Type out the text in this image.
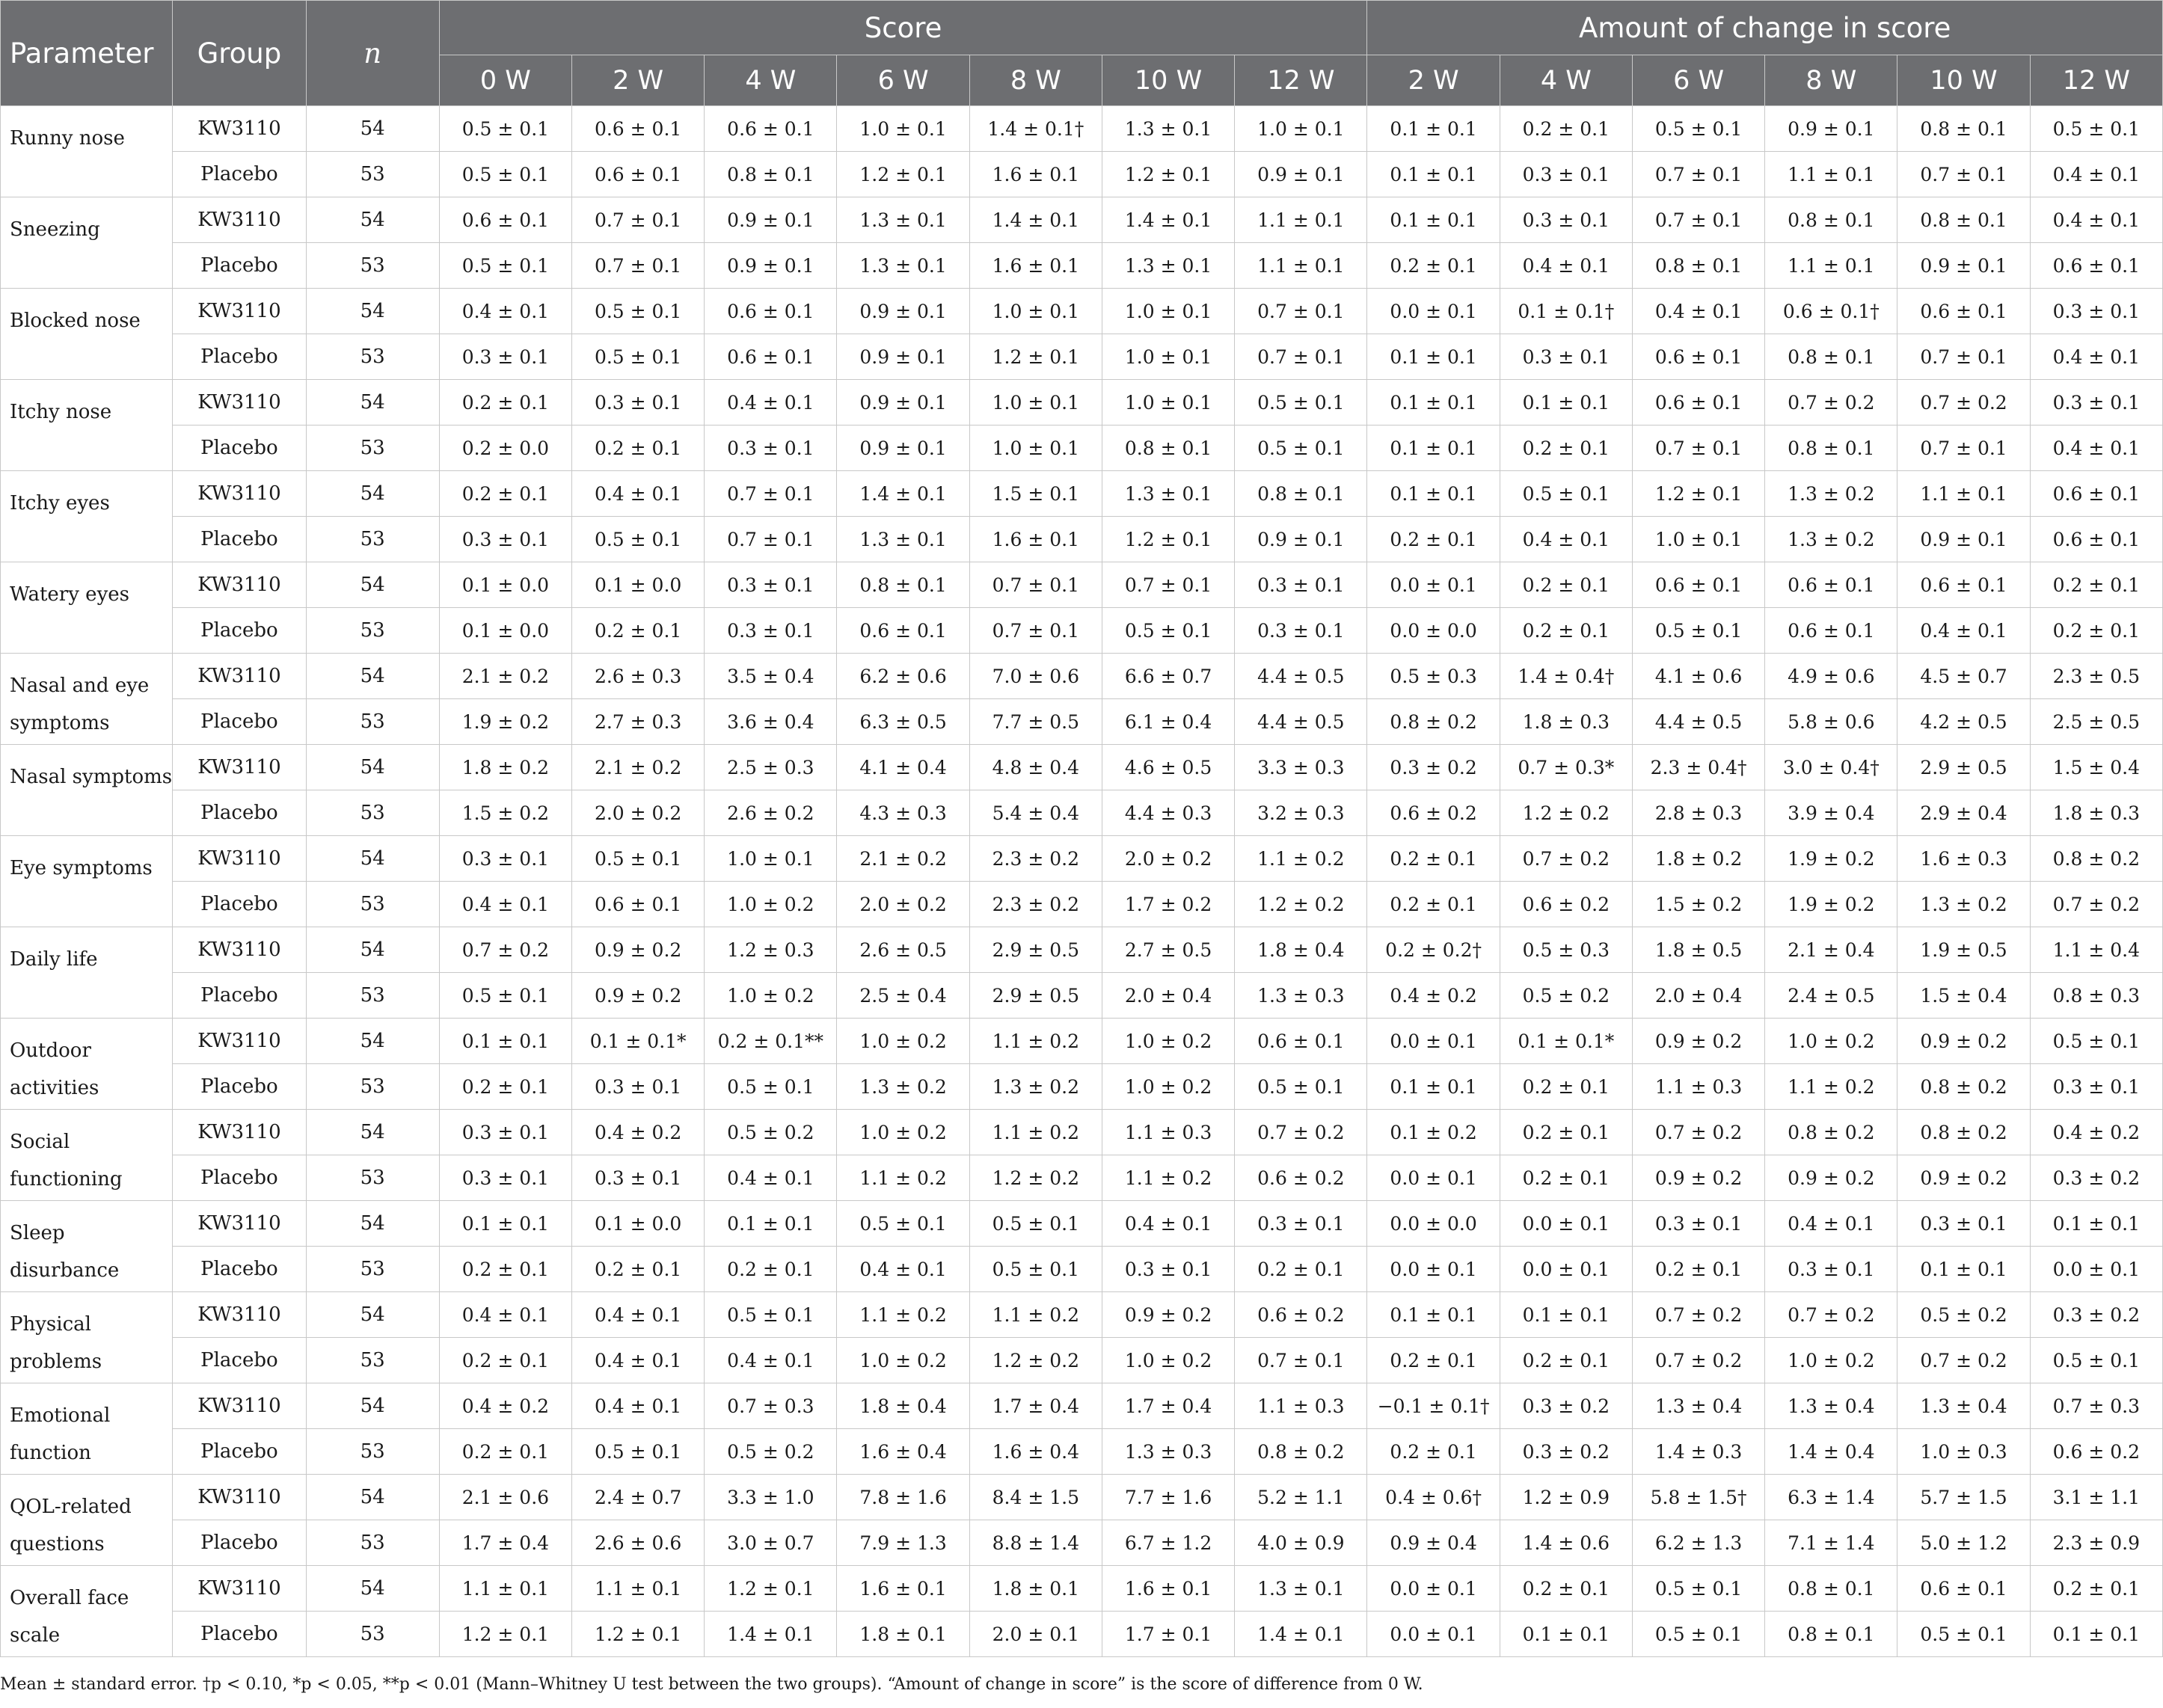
Parameter	Group	n	Score							Amount of change in score					
			0 W	2 W	4 W	6 W	8 W	10 W	12 W	2 W	4 W	6 W	8 W	10 W	12 W
Runny nose	KW3110	54	0.5 ± 0.1	0.6 ± 0.1	0.6 ± 0.1	1.0 ± 0.1	1.4 ± 0.1†	1.3 ± 0.1	1.0 ± 0.1	0.1 ± 0.1	0.2 ± 0.1	0.5 ± 0.1	0.9 ± 0.1	0.8 ± 0.1	0.5 ± 0.1
	Placebo	53	0.5 ± 0.1	0.6 ± 0.1	0.8 ± 0.1	1.2 ± 0.1	1.6 ± 0.1	1.2 ± 0.1	0.9 ± 0.1	0.1 ± 0.1	0.3 ± 0.1	0.7 ± 0.1	1.1 ± 0.1	0.7 ± 0.1	0.4 ± 0.1
Sneezing	KW3110	54	0.6 ± 0.1	0.7 ± 0.1	0.9 ± 0.1	1.3 ± 0.1	1.4 ± 0.1	1.4 ± 0.1	1.1 ± 0.1	0.1 ± 0.1	0.3 ± 0.1	0.7 ± 0.1	0.8 ± 0.1	0.8 ± 0.1	0.4 ± 0.1
	Placebo	53	0.5 ± 0.1	0.7 ± 0.1	0.9 ± 0.1	1.3 ± 0.1	1.6 ± 0.1	1.3 ± 0.1	1.1 ± 0.1	0.2 ± 0.1	0.4 ± 0.1	0.8 ± 0.1	1.1 ± 0.1	0.9 ± 0.1	0.6 ± 0.1
Blocked nose	KW3110	54	0.4 ± 0.1	0.5 ± 0.1	0.6 ± 0.1	0.9 ± 0.1	1.0 ± 0.1	1.0 ± 0.1	0.7 ± 0.1	0.0 ± 0.1	0.1 ± 0.1†	0.4 ± 0.1	0.6 ± 0.1†	0.6 ± 0.1	0.3 ± 0.1
	Placebo	53	0.3 ± 0.1	0.5 ± 0.1	0.6 ± 0.1	0.9 ± 0.1	1.2 ± 0.1	1.0 ± 0.1	0.7 ± 0.1	0.1 ± 0.1	0.3 ± 0.1	0.6 ± 0.1	0.8 ± 0.1	0.7 ± 0.1	0.4 ± 0.1
Itchy nose	KW3110	54	0.2 ± 0.1	0.3 ± 0.1	0.4 ± 0.1	0.9 ± 0.1	1.0 ± 0.1	1.0 ± 0.1	0.5 ± 0.1	0.1 ± 0.1	0.1 ± 0.1	0.6 ± 0.1	0.7 ± 0.2	0.7 ± 0.2	0.3 ± 0.1
	Placebo	53	0.2 ± 0.0	0.2 ± 0.1	0.3 ± 0.1	0.9 ± 0.1	1.0 ± 0.1	0.8 ± 0.1	0.5 ± 0.1	0.1 ± 0.1	0.2 ± 0.1	0.7 ± 0.1	0.8 ± 0.1	0.7 ± 0.1	0.4 ± 0.1
Itchy eyes	KW3110	54	0.2 ± 0.1	0.4 ± 0.1	0.7 ± 0.1	1.4 ± 0.1	1.5 ± 0.1	1.3 ± 0.1	0.8 ± 0.1	0.1 ± 0.1	0.5 ± 0.1	1.2 ± 0.1	1.3 ± 0.2	1.1 ± 0.1	0.6 ± 0.1
	Placebo	53	0.3 ± 0.1	0.5 ± 0.1	0.7 ± 0.1	1.3 ± 0.1	1.6 ± 0.1	1.2 ± 0.1	0.9 ± 0.1	0.2 ± 0.1	0.4 ± 0.1	1.0 ± 0.1	1.3 ± 0.2	0.9 ± 0.1	0.6 ± 0.1
Watery eyes	KW3110	54	0.1 ± 0.0	0.1 ± 0.0	0.3 ± 0.1	0.8 ± 0.1	0.7 ± 0.1	0.7 ± 0.1	0.3 ± 0.1	0.0 ± 0.1	0.2 ± 0.1	0.6 ± 0.1	0.6 ± 0.1	0.6 ± 0.1	0.2 ± 0.1
	Placebo	53	0.1 ± 0.0	0.2 ± 0.1	0.3 ± 0.1	0.6 ± 0.1	0.7 ± 0.1	0.5 ± 0.1	0.3 ± 0.1	0.0 ± 0.0	0.2 ± 0.1	0.5 ± 0.1	0.6 ± 0.1	0.4 ± 0.1	0.2 ± 0.1
Nasal and eye symptoms	KW3110	54	2.1 ± 0.2	2.6 ± 0.3	3.5 ± 0.4	6.2 ± 0.6	7.0 ± 0.6	6.6 ± 0.7	4.4 ± 0.5	0.5 ± 0.3	1.4 ± 0.4†	4.1 ± 0.6	4.9 ± 0.6	4.5 ± 0.7	2.3 ± 0.5
	Placebo	53	1.9 ± 0.2	2.7 ± 0.3	3.6 ± 0.4	6.3 ± 0.5	7.7 ± 0.5	6.1 ± 0.4	4.4 ± 0.5	0.8 ± 0.2	1.8 ± 0.3	4.4 ± 0.5	5.8 ± 0.6	4.2 ± 0.5	2.5 ± 0.5
Nasal symptoms	KW3110	54	1.8 ± 0.2	2.1 ± 0.2	2.5 ± 0.3	4.1 ± 0.4	4.8 ± 0.4	4.6 ± 0.5	3.3 ± 0.3	0.3 ± 0.2	0.7 ± 0.3*	2.3 ± 0.4†	3.0 ± 0.4†	2.9 ± 0.5	1.5 ± 0.4
	Placebo	53	1.5 ± 0.2	2.0 ± 0.2	2.6 ± 0.2	4.3 ± 0.3	5.4 ± 0.4	4.4 ± 0.3	3.2 ± 0.3	0.6 ± 0.2	1.2 ± 0.2	2.8 ± 0.3	3.9 ± 0.4	2.9 ± 0.4	1.8 ± 0.3
Eye symptoms	KW3110	54	0.3 ± 0.1	0.5 ± 0.1	1.0 ± 0.1	2.1 ± 0.2	2.3 ± 0.2	2.0 ± 0.2	1.1 ± 0.2	0.2 ± 0.1	0.7 ± 0.2	1.8 ± 0.2	1.9 ± 0.2	1.6 ± 0.3	0.8 ± 0.2
	Placebo	53	0.4 ± 0.1	0.6 ± 0.1	1.0 ± 0.2	2.0 ± 0.2	2.3 ± 0.2	1.7 ± 0.2	1.2 ± 0.2	0.2 ± 0.1	0.6 ± 0.2	1.5 ± 0.2	1.9 ± 0.2	1.3 ± 0.2	0.7 ± 0.2
Daily life	KW3110	54	0.7 ± 0.2	0.9 ± 0.2	1.2 ± 0.3	2.6 ± 0.5	2.9 ± 0.5	2.7 ± 0.5	1.8 ± 0.4	0.2 ± 0.2†	0.5 ± 0.3	1.8 ± 0.5	2.1 ± 0.4	1.9 ± 0.5	1.1 ± 0.4
	Placebo	53	0.5 ± 0.1	0.9 ± 0.2	1.0 ± 0.2	2.5 ± 0.4	2.9 ± 0.5	2.0 ± 0.4	1.3 ± 0.3	0.4 ± 0.2	0.5 ± 0.2	2.0 ± 0.4	2.4 ± 0.5	1.5 ± 0.4	0.8 ± 0.3
Outdoor activities	KW3110	54	0.1 ± 0.1	0.1 ± 0.1*	0.2 ± 0.1**	1.0 ± 0.2	1.1 ± 0.2	1.0 ± 0.2	0.6 ± 0.1	0.0 ± 0.1	0.1 ± 0.1*	0.9 ± 0.2	1.0 ± 0.2	0.9 ± 0.2	0.5 ± 0.1
	Placebo	53	0.2 ± 0.1	0.3 ± 0.1	0.5 ± 0.1	1.3 ± 0.2	1.3 ± 0.2	1.0 ± 0.2	0.5 ± 0.1	0.1 ± 0.1	0.2 ± 0.1	1.1 ± 0.3	1.1 ± 0.2	0.8 ± 0.2	0.3 ± 0.1
Social functioning	KW3110	54	0.3 ± 0.1	0.4 ± 0.2	0.5 ± 0.2	1.0 ± 0.2	1.1 ± 0.2	1.1 ± 0.3	0.7 ± 0.2	0.1 ± 0.2	0.2 ± 0.1	0.7 ± 0.2	0.8 ± 0.2	0.8 ± 0.2	0.4 ± 0.2
	Placebo	53	0.3 ± 0.1	0.3 ± 0.1	0.4 ± 0.1	1.1 ± 0.2	1.2 ± 0.2	1.1 ± 0.2	0.6 ± 0.2	0.0 ± 0.1	0.2 ± 0.1	0.9 ± 0.2	0.9 ± 0.2	0.9 ± 0.2	0.3 ± 0.2
Sleep disurbance	KW3110	54	0.1 ± 0.1	0.1 ± 0.0	0.1 ± 0.1	0.5 ± 0.1	0.5 ± 0.1	0.4 ± 0.1	0.3 ± 0.1	0.0 ± 0.0	0.0 ± 0.1	0.3 ± 0.1	0.4 ± 0.1	0.3 ± 0.1	0.1 ± 0.1
	Placebo	53	0.2 ± 0.1	0.2 ± 0.1	0.2 ± 0.1	0.4 ± 0.1	0.5 ± 0.1	0.3 ± 0.1	0.2 ± 0.1	0.0 ± 0.1	0.0 ± 0.1	0.2 ± 0.1	0.3 ± 0.1	0.1 ± 0.1	0.0 ± 0.1
Physical problems	KW3110	54	0.4 ± 0.1	0.4 ± 0.1	0.5 ± 0.1	1.1 ± 0.2	1.1 ± 0.2	0.9 ± 0.2	0.6 ± 0.2	0.1 ± 0.1	0.1 ± 0.1	0.7 ± 0.2	0.7 ± 0.2	0.5 ± 0.2	0.3 ± 0.2
	Placebo	53	0.2 ± 0.1	0.4 ± 0.1	0.4 ± 0.1	1.0 ± 0.2	1.2 ± 0.2	1.0 ± 0.2	0.7 ± 0.1	0.2 ± 0.1	0.2 ± 0.1	0.7 ± 0.2	1.0 ± 0.2	0.7 ± 0.2	0.5 ± 0.1
Emotional function	KW3110	54	0.4 ± 0.2	0.4 ± 0.1	0.7 ± 0.3	1.8 ± 0.4	1.7 ± 0.4	1.7 ± 0.4	1.1 ± 0.3	−0.1 ± 0.1†	0.3 ± 0.2	1.3 ± 0.4	1.3 ± 0.4	1.3 ± 0.4	0.7 ± 0.3
	Placebo	53	0.2 ± 0.1	0.5 ± 0.1	0.5 ± 0.2	1.6 ± 0.4	1.6 ± 0.4	1.3 ± 0.3	0.8 ± 0.2	0.2 ± 0.1	0.3 ± 0.2	1.4 ± 0.3	1.4 ± 0.4	1.0 ± 0.3	0.6 ± 0.2
QOL-related questions	KW3110	54	2.1 ± 0.6	2.4 ± 0.7	3.3 ± 1.0	7.8 ± 1.6	8.4 ± 1.5	7.7 ± 1.6	5.2 ± 1.1	0.4 ± 0.6†	1.2 ± 0.9	5.8 ± 1.5†	6.3 ± 1.4	5.7 ± 1.5	3.1 ± 1.1
	Placebo	53	1.7 ± 0.4	2.6 ± 0.6	3.0 ± 0.7	7.9 ± 1.3	8.8 ± 1.4	6.7 ± 1.2	4.0 ± 0.9	0.9 ± 0.4	1.4 ± 0.6	6.2 ± 1.3	7.1 ± 1.4	5.0 ± 1.2	2.3 ± 0.9
Overall face scale	KW3110	54	1.1 ± 0.1	1.1 ± 0.1	1.2 ± 0.1	1.6 ± 0.1	1.8 ± 0.1	1.6 ± 0.1	1.3 ± 0.1	0.0 ± 0.1	0.2 ± 0.1	0.5 ± 0.1	0.8 ± 0.1	0.6 ± 0.1	0.2 ± 0.1
	Placebo	53	1.2 ± 0.1	1.2 ± 0.1	1.4 ± 0.1	1.8 ± 0.1	2.0 ± 0.1	1.7 ± 0.1	1.4 ± 0.1	0.0 ± 0.1	0.1 ± 0.1	0.5 ± 0.1	0.8 ± 0.1	0.5 ± 0.1	0.1 ± 0.1
Mean ± standard error. †p < 0.10, *p < 0.05, **p < 0.01 (Mann–Whitney U test between the two groups). “Amount of change in score” is the score of difference from 0 W.
